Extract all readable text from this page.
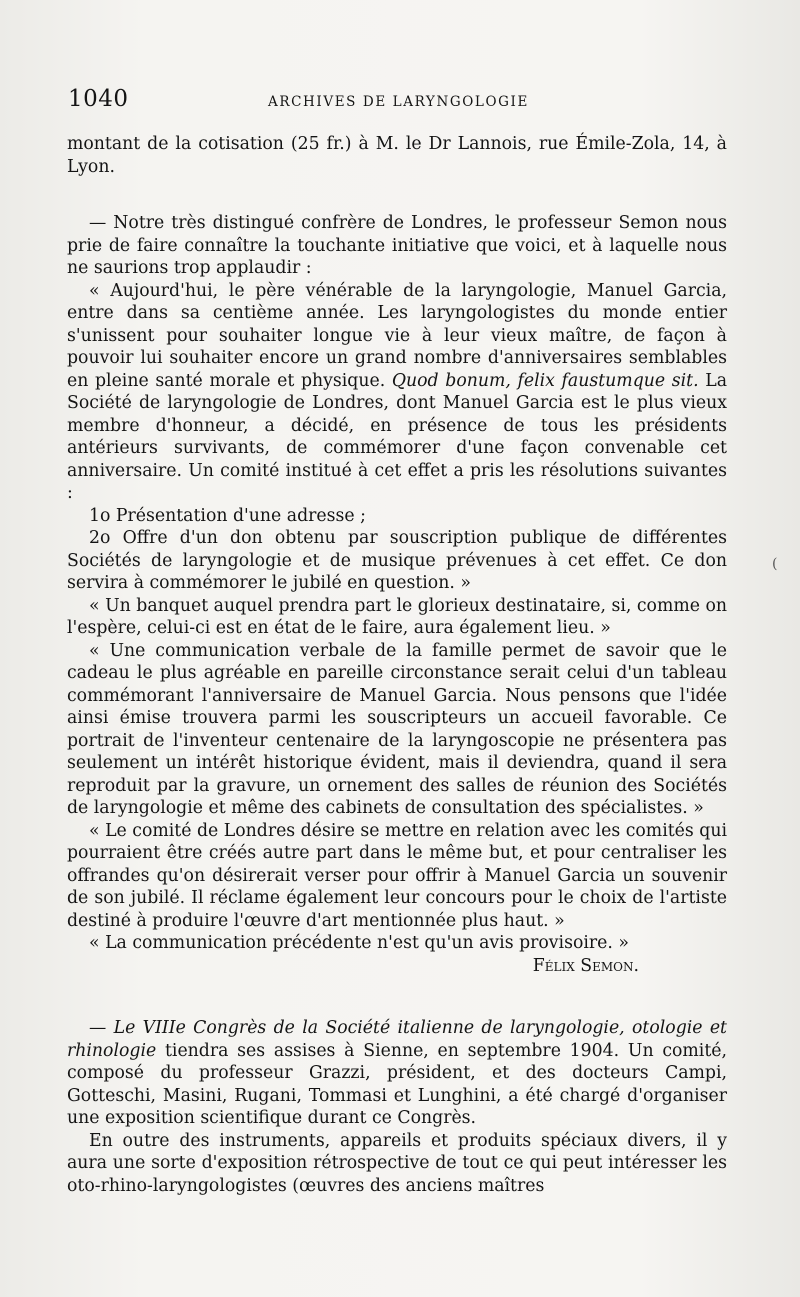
1040	ARCHIVES DE LARYNGOLOGIE

montant de la cotisation (25 fr.) à M. le Dr Lannois, rue Émile-Zola, 14, à Lyon.

— Notre très distingué confrère de Londres, le professeur Semon nous prie de faire connaître la touchante initiative que voici, et à laquelle nous ne saurions trop applaudir :

« Aujourd'hui, le père vénérable de la laryngologie, Manuel Garcia, entre dans sa centième année. Les laryngologistes du monde entier s'unissent pour souhaiter longue vie à leur vieux maître, de façon à pouvoir lui souhaiter encore un grand nombre d'anniversaires semblables en pleine santé morale et physique. Quod bonum, felix faustumque sit. La Société de laryngologie de Londres, dont Manuel Garcia est le plus vieux membre d'honneur, a décidé, en présence de tous les présidents antérieurs survivants, de commémorer d'une façon convenable cet anniversaire. Un comité institué à cet effet a pris les résolutions suivantes :

1o Présentation d'une adresse ;

2o Offre d'un don obtenu par souscription publique de différentes Sociétés de laryngologie et de musique prévenues à cet effet. Ce don servira à commémorer le jubilé en question. »

« Un banquet auquel prendra part le glorieux destinataire, si, comme on l'espère, celui-ci est en état de le faire, aura également lieu. »

« Une communication verbale de la famille permet de savoir que le cadeau le plus agréable en pareille circonstance serait celui d'un tableau commémorant l'anniversaire de Manuel Garcia. Nous pensons que l'idée ainsi émise trouvera parmi les souscripteurs un accueil favorable. Ce portrait de l'inventeur centenaire de la laryngoscopie ne présentera pas seulement un intérêt historique évident, mais il deviendra, quand il sera reproduit par la gravure, un ornement des salles de réunion des Sociétés de laryngologie et même des cabinets de consultation des spécialistes. »

« Le comité de Londres désire se mettre en relation avec les comités qui pourraient être créés autre part dans le même but, et pour centraliser les offrandes qu'on désirerait verser pour offrir à Manuel Garcia un souvenir de son jubilé. Il réclame également leur concours pour le choix de l'artiste destiné à produire l'œuvre d'art mentionnée plus haut. »

« La communication précédente n'est qu'un avis provisoire. »

Félix Semon.

— Le VIIIe Congrès de la Société italienne de laryngologie, otologie et rhinologie tiendra ses assises à Sienne, en septembre 1904. Un comité, composé du professeur Grazzi, président, et des docteurs Campi, Gotteschi, Masini, Rugani, Tommasi et Lunghini, a été chargé d'organiser une exposition scientifique durant ce Congrès.

En outre des instruments, appareils et produits spéciaux divers, il y aura une sorte d'exposition rétrospective de tout ce qui peut intéresser les oto-rhino-laryngologistes (œuvres des anciens maîtres

(
